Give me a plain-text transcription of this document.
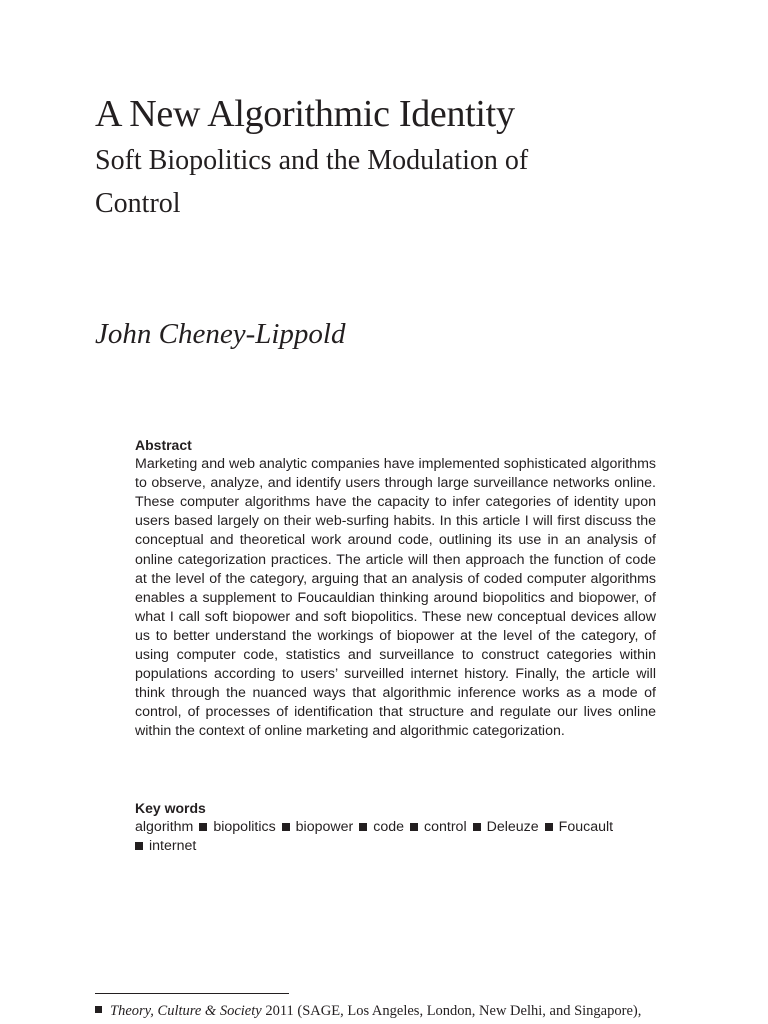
A New Algorithmic Identity
Soft Biopolitics and the Modulation of Control
John Cheney-Lippold

Abstract

Marketing and web analytic companies have implemented sophisticated algorithms to observe, analyze, and identify users through large surveillance networks online. These computer algorithms have the capacity to infer categories of identity upon users based largely on their web-surfing habits. In this article I will first discuss the conceptual and theoretical work around code, outlining its use in an analysis of online categorization practices. The article will then approach the function of code at the level of the category, arguing that an analysis of coded computer algorithms enables a supplement to Foucauldian thinking around biopolitics and biopower, of what I call soft biopower and soft biopolitics. These new conceptual devices allow us to better understand the workings of biopower at the level of the category, of using computer code, statistics and surveillance to construct categories within populations according to users’ surveilled internet history. Finally, the article will think through the nuanced ways that algorithmic inference works as a mode of control, of processes of identification that structure and regulate our lives online within the context of online marketing and algorithmic categorization.

Key words

algorithm biopolitics biopower code control Deleuze Foucault
internet

Theory, Culture & Society 2011 (SAGE, Los Angeles, London, New Delhi, and Singapore),
